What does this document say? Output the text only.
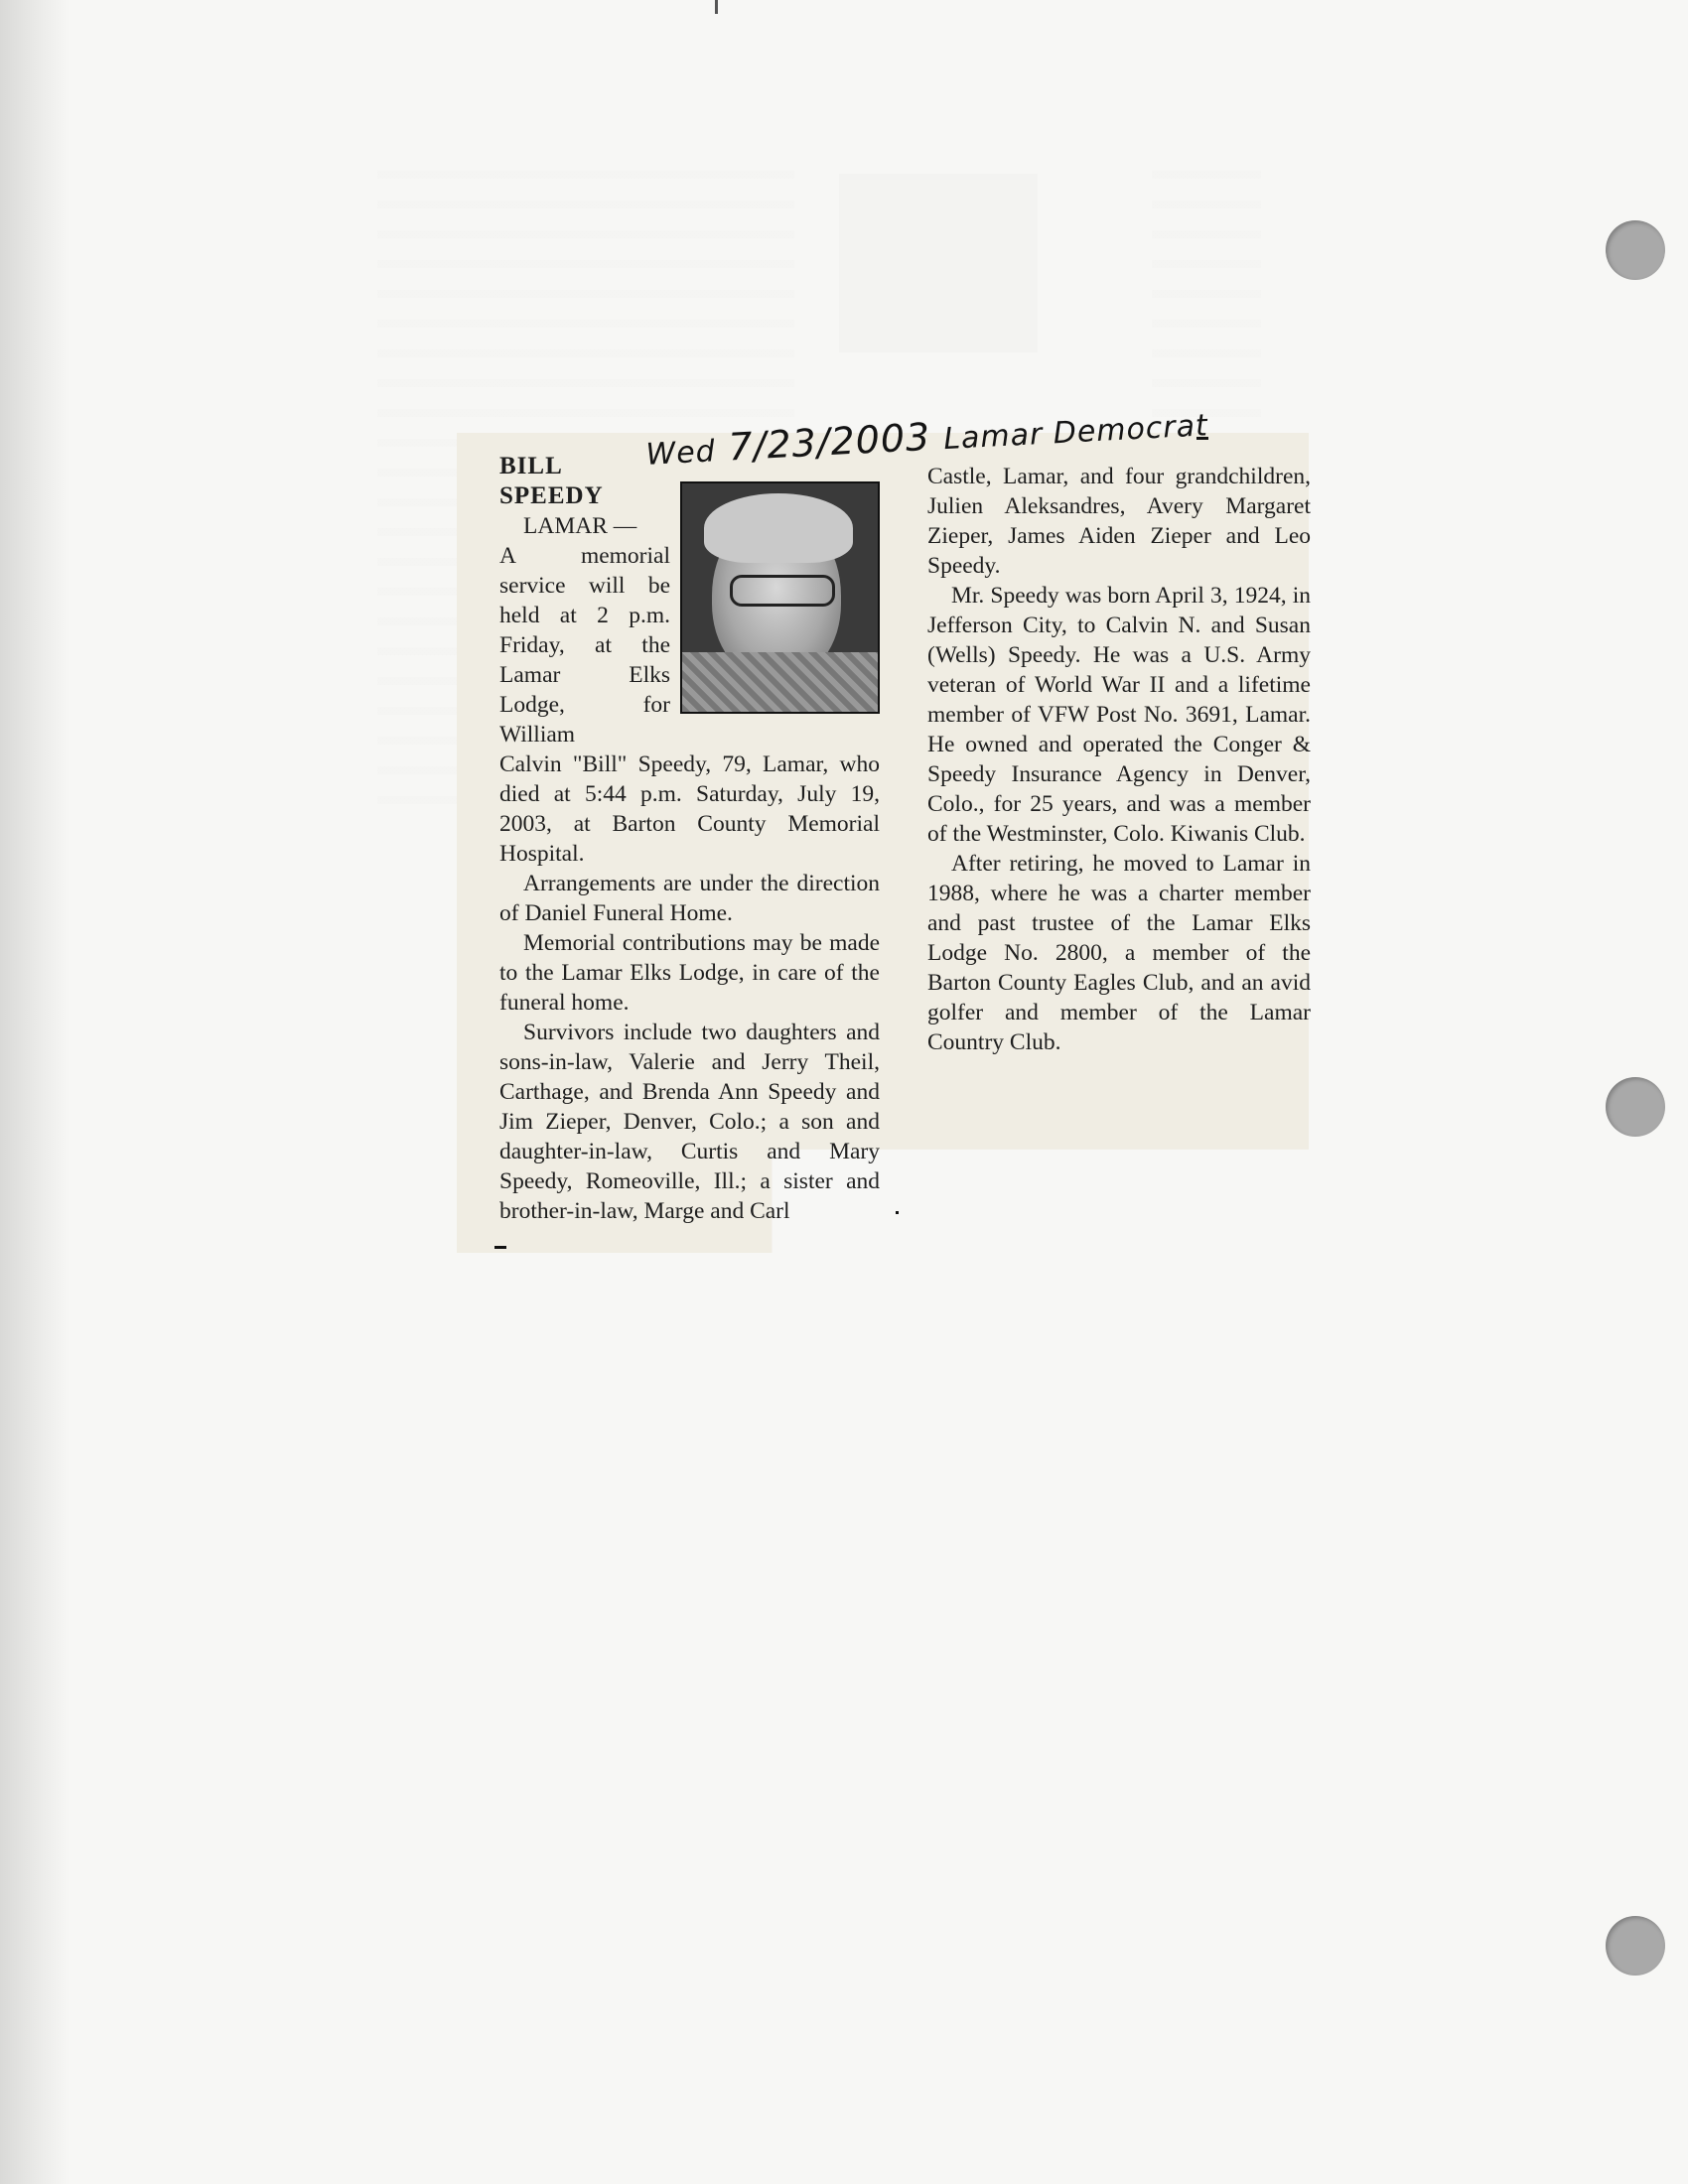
Wed 7/23/2003 Lamar Democrat
BILL SPEEDY
LAMAR —
A memorial
service will be
held at 2 p.m.
Friday, at the
Lamar Elks
Lodge, for
William

Calvin "Bill" Speedy, 79, Lamar, who died at 5:44 p.m. Saturday, July 19, 2003, at Barton County Memorial Hospital.

Arrangements are under the direction of Daniel Funeral Home.

Memorial contributions may be made to the Lamar Elks Lodge, in care of the funeral home.

Survivors include two daughters and sons-in-law, Valerie and Jerry Theil, Carthage, and Brenda Ann Speedy and Jim Zieper, Denver, Colo.; a son and daughter-in-law, Curtis and Mary Speedy, Romeoville, Ill.; a sister and brother-in-law, Marge and Carl

Castle, Lamar, and four grandchildren, Julien Aleksandres, Avery Margaret Zieper, James Aiden Zieper and Leo Speedy.

Mr. Speedy was born April 3, 1924, in Jefferson City, to Calvin N. and Susan (Wells) Speedy. He was a U.S. Army veteran of World War II and a lifetime member of VFW Post No. 3691, Lamar. He owned and operated the Conger & Speedy Insurance Agency in Denver, Colo., for 25 years, and was a member of the Westminster, Colo. Kiwanis Club.

After retiring, he moved to Lamar in 1988, where he was a charter member and past trustee of the Lamar Elks Lodge No. 2800, a member of the Barton County Eagles Club, and an avid golfer and member of the Lamar Country Club.
